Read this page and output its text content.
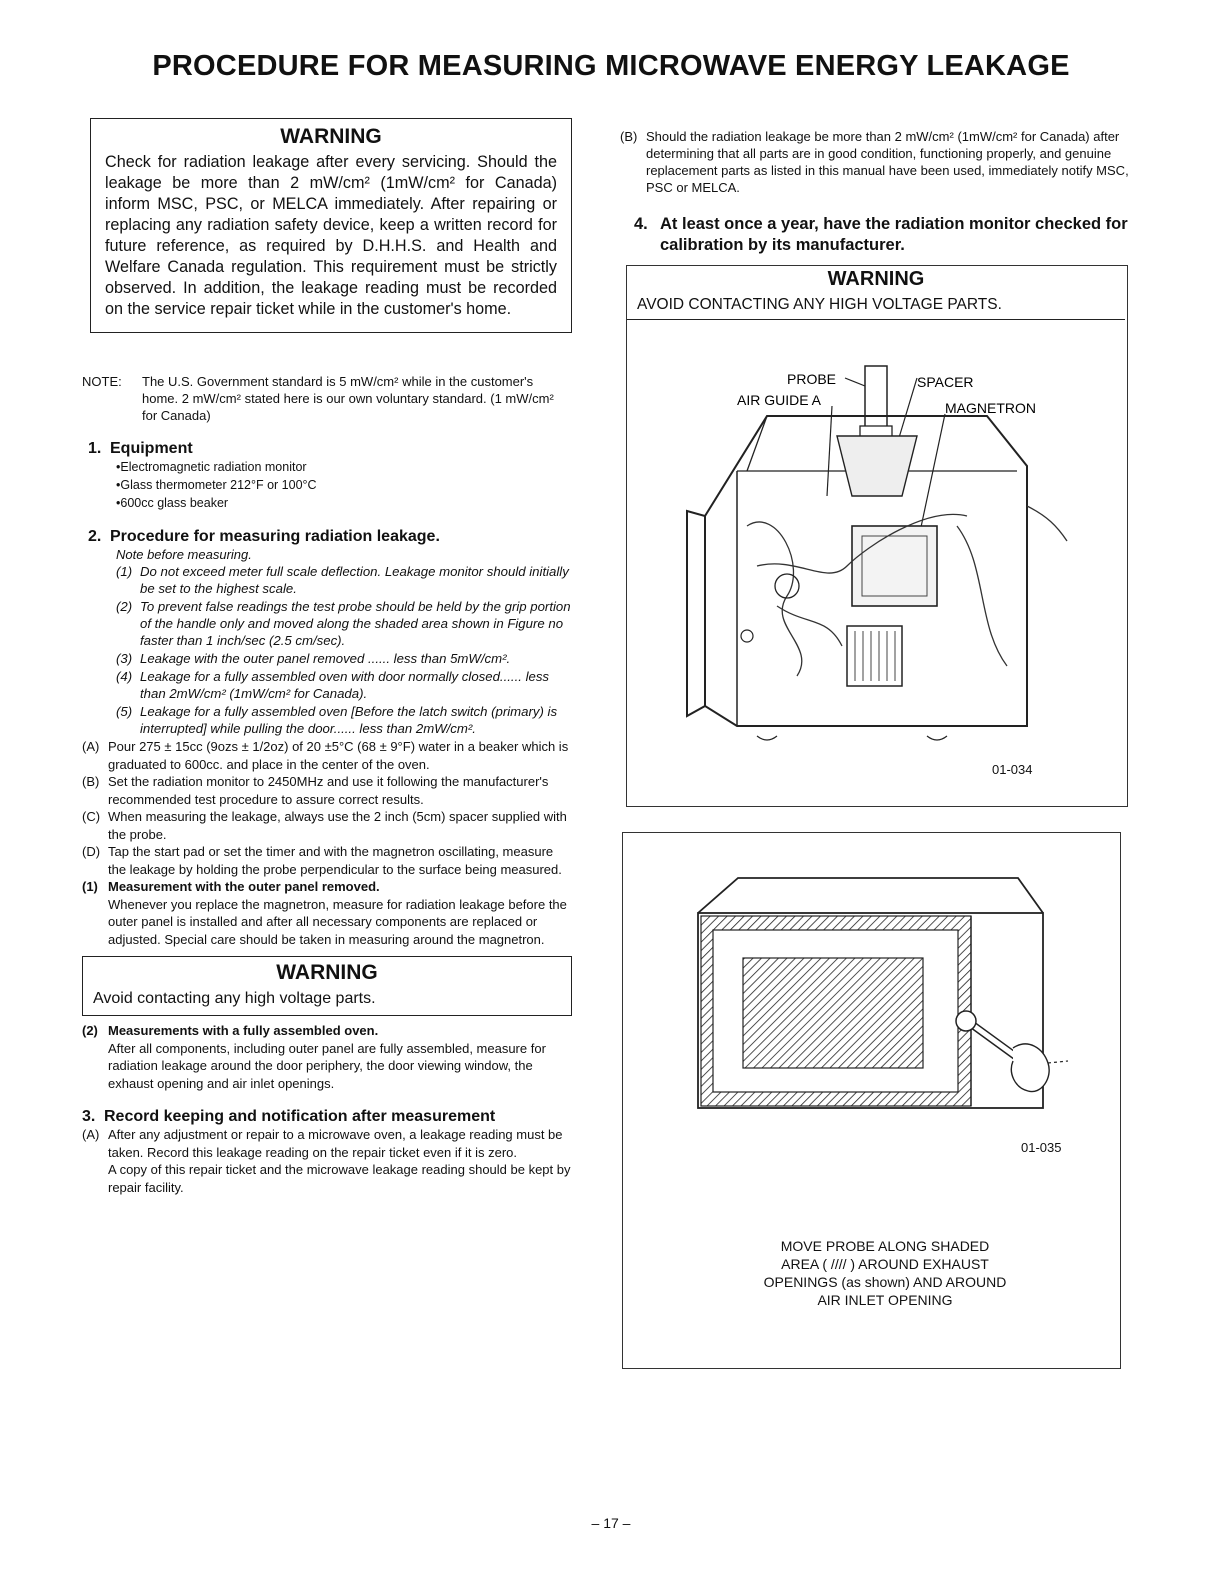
PROCEDURE FOR MEASURING MICROWAVE ENERGY LEAKAGE
WARNING
Check for radiation leakage after every servicing. Should the leakage be more than 2 mW/cm² (1mW/cm² for Canada) inform MSC, PSC, or MELCA immediately. After repairing or replacing any radiation safety device, keep a written record for future reference, as required by D.H.H.S. and Health and Welfare Canada regulation. This requirement must be strictly observed. In addition, the leakage reading must be recorded on the service repair ticket while in the customer's home.
NOTE:	The U.S. Government standard is 5 mW/cm² while in the customer's home. 2 mW/cm² stated here is our own voluntary standard. (1 mW/cm² for Canada)
1. Equipment
•Electromagnetic radiation monitor
•Glass thermometer 212°F or 100°C
•600cc glass beaker
2. Procedure for measuring radiation leakage.
Note before measuring.
(1) Do not exceed meter full scale deflection. Leakage monitor should initially be set to the highest scale.
(2) To prevent false readings the test probe should be held by the grip portion of the handle only and moved along the shaded area shown in Figure no faster than 1 inch/sec (2.5 cm/sec).
(3) Leakage with the outer panel removed ...... less than 5mW/cm².
(4) Leakage for a fully assembled oven with door normally closed...... less than 2mW/cm² (1mW/cm² for Canada).
(5) Leakage for a fully assembled oven [Before the latch switch (primary) is interrupted] while pulling the door...... less than 2mW/cm².
(A) Pour 275 ± 15cc (9ozs ± 1/2oz) of 20 ±5°C (68 ± 9°F) water in a beaker which is graduated to 600cc. and place in the center of the oven.
(B) Set the radiation monitor to 2450MHz and use it following the manufacturer's recommended test procedure to assure correct results.
(C) When measuring the leakage, always use the 2 inch (5cm) spacer supplied with the probe.
(D) Tap the start pad or set the timer and with the magnetron oscillating, measure the leakage by holding the probe perpendicular to the surface being measured.
(1) Measurement with the outer panel removed.
Whenever you replace the magnetron, measure for radiation leakage before the outer panel is installed and after all necessary components are replaced or adjusted. Special care should be taken in measuring around the magnetron.
WARNING
Avoid contacting any high voltage parts.
(2) Measurements with a fully assembled oven.
After all components, including outer panel are fully assembled, measure for radiation leakage around the door periphery, the door viewing window, the exhaust opening and air inlet openings.
3. Record keeping and notification after measurement
(A) After any adjustment or repair to a microwave oven, a leakage reading must be taken. Record this leakage reading on the repair ticket even if it is zero.
A copy of this repair ticket and the microwave leakage reading should be kept by repair facility.
(B) Should the radiation leakage be more than 2 mW/cm² (1mW/cm² for Canada) after determining that all parts are in good condition, functioning properly, and genuine replacement parts as listed in this manual have been used, immediately notify MSC, PSC or MELCA.
4. At least once a year, have the radiation monitor checked for calibration by its manufacturer.
WARNING
AVOID CONTACTING ANY HIGH VOLTAGE PARTS.
PROBE	SPACER
AIR GUIDE A	MAGNETRON
01-034
01-035
MOVE PROBE ALONG SHADED
AREA ( //// ) AROUND EXHAUST
OPENINGS (as shown) AND AROUND
AIR INLET OPENING
– 17 –
